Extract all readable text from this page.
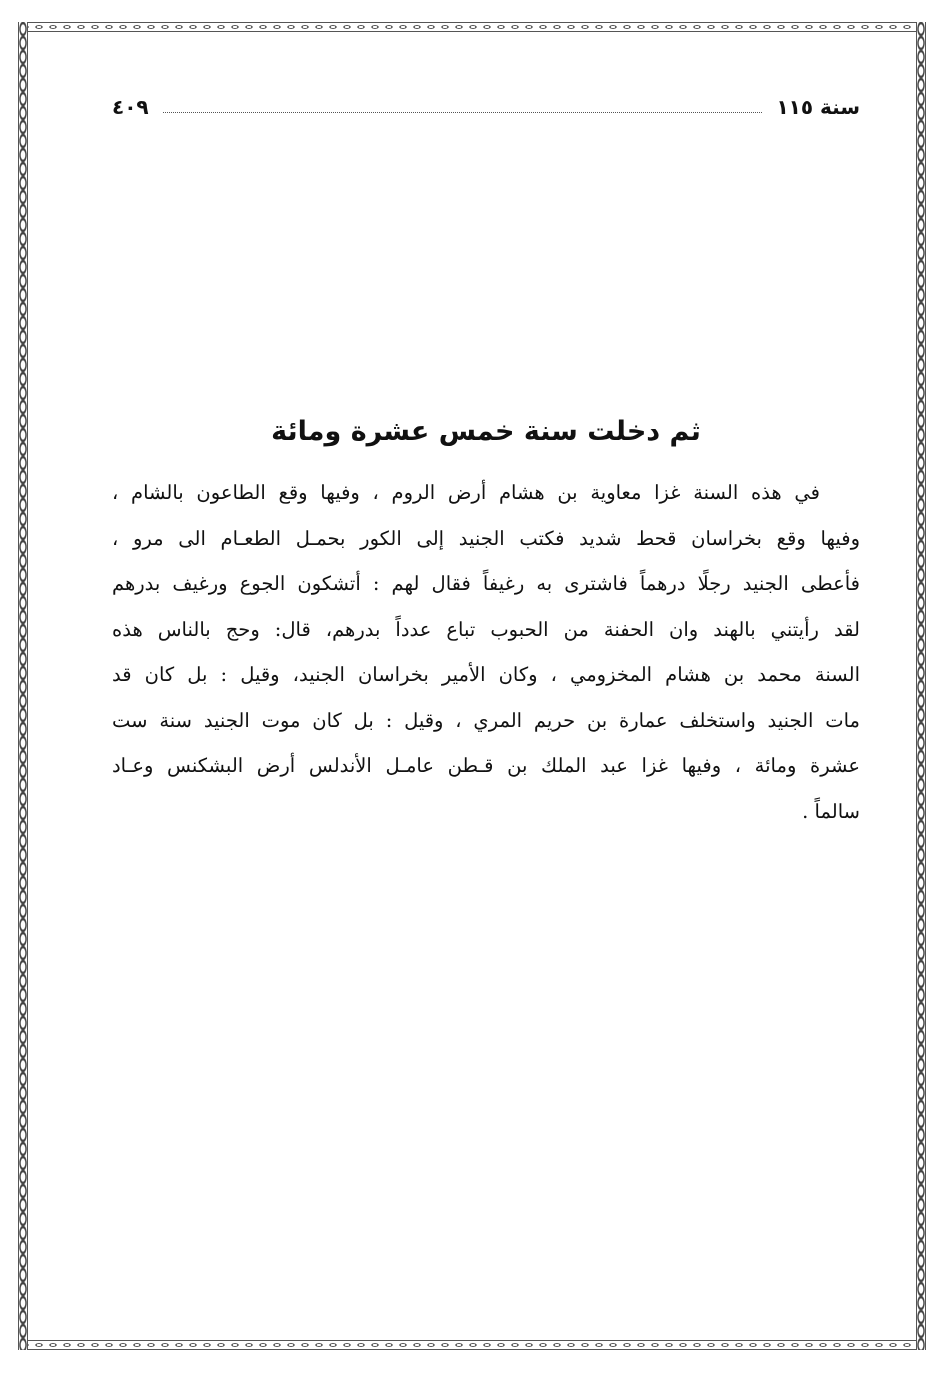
سنة ١١٥
٤٠٩
ثم دخلت سنة خمس عشرة ومائة
في هذه السنة غزا معاوية بن هشام أرض الروم ، وفيها وقع الطاعون بالشام ،
وفيها وقع بخراسان قحط شديد فكتب الجنيد إلى الكور بحمـل الطعـام الى مرو ،
فأعطى الجنيد رجلًا درهماً فاشترى به رغيفاً فقال لهم : أتشكون الجوع ورغيف بدرهم
لقد رأيتني بالهند وان الحفنة من الحبوب تباع عدداً بدرهم، قال: وحج بالناس هذه
السنة محمد بن هشام المخزومي ، وكان الأمير بخراسان الجنيد، وقيل : بل كان قد
مات الجنيد واستخلف عمارة بن حريم المري ، وقيل : بل كان موت الجنيد سنة ست
عشرة ومائة ، وفيها غزا عبد الملك بن قـطن عامـل الأندلس أرض البشكنس وعـاد
سالماً .
